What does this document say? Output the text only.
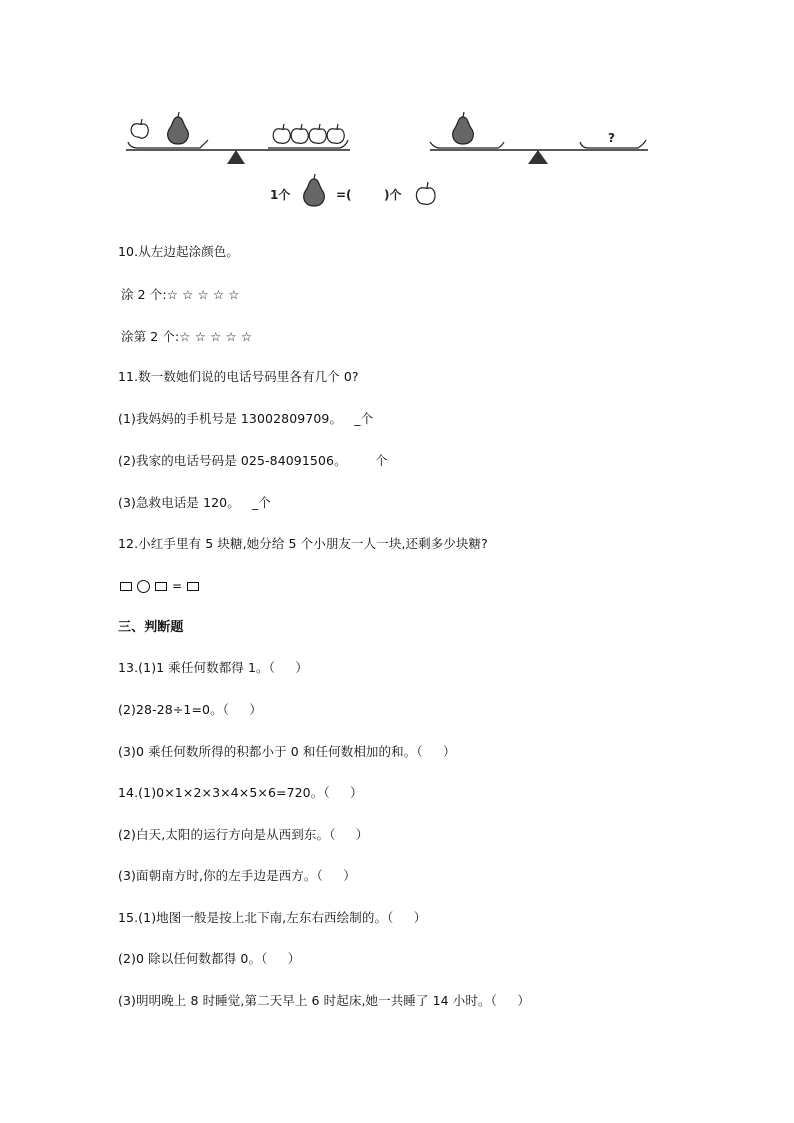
?
1个	=(	)个
10.从左边起涂颜色。
涂 2 个:☆ ☆ ☆ ☆ ☆
涂第 2 个:☆ ☆ ☆ ☆ ☆
11.数一数她们说的电话号码里各有几个 0?
(1)我妈妈的手机号是 13002809709。   _个
(2)我家的电话号码是 025-84091506。       个
(3)急救电话是 120。   _个
12.小红手里有 5 块糖,她分给 5 个小朋友一人一块,还剩多少块糖?
=
三、判断题
13.(1)1 乘任何数都得 1。（     ）
(2)28-28÷1=0。（     ）
(3)0 乘任何数所得的积都小于 0 和任何数相加的和。（     ）
14.(1)0×1×2×3×4×5×6=720。（     ）
(2)白天,太阳的运行方向是从西到东。（     ）
(3)面朝南方时,你的左手边是西方。（     ）
15.(1)地图一般是按上北下南,左东右西绘制的。（     ）
(2)0 除以任何数都得 0。（     ）
(3)明明晚上 8 时睡觉,第二天早上 6 时起床,她一共睡了 14 小时。（     ）
